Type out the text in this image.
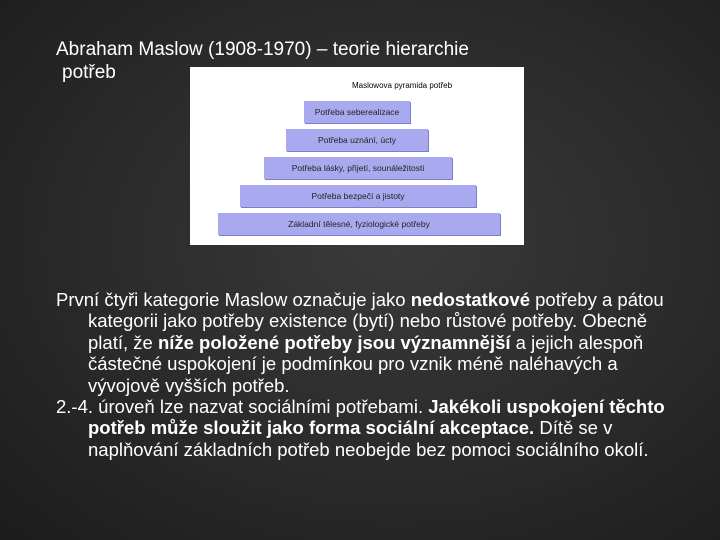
Abraham Maslow (1908-1970) – teorie hierarchie
potřeb
Maslowova pyramida potřeb
Potřeba seberealizace
Potřeba uznání, úcty
Potřeba lásky, přijetí, sounáležitosti
Potřeba bezpečí a jistoty
Základní tělesné, fyziologické potřeby

První čtyři kategorie Maslow označuje jako nedostatkové potřeby a pátou kategorii jako potřeby existence (bytí) nebo růstové potřeby. Obecně platí, že níže položené potřeby jsou významnější a jejich alespoň částečné uspokojení je podmínkou pro vznik méně naléhavých a vývojově vyšších potřeb.

2.-4. úroveň lze nazvat sociálními potřebami. Jakékoli uspokojení těchto potřeb může sloužit jako forma sociální akceptace. Dítě se v naplňování základních potřeb neobejde bez pomoci sociálního okolí.
